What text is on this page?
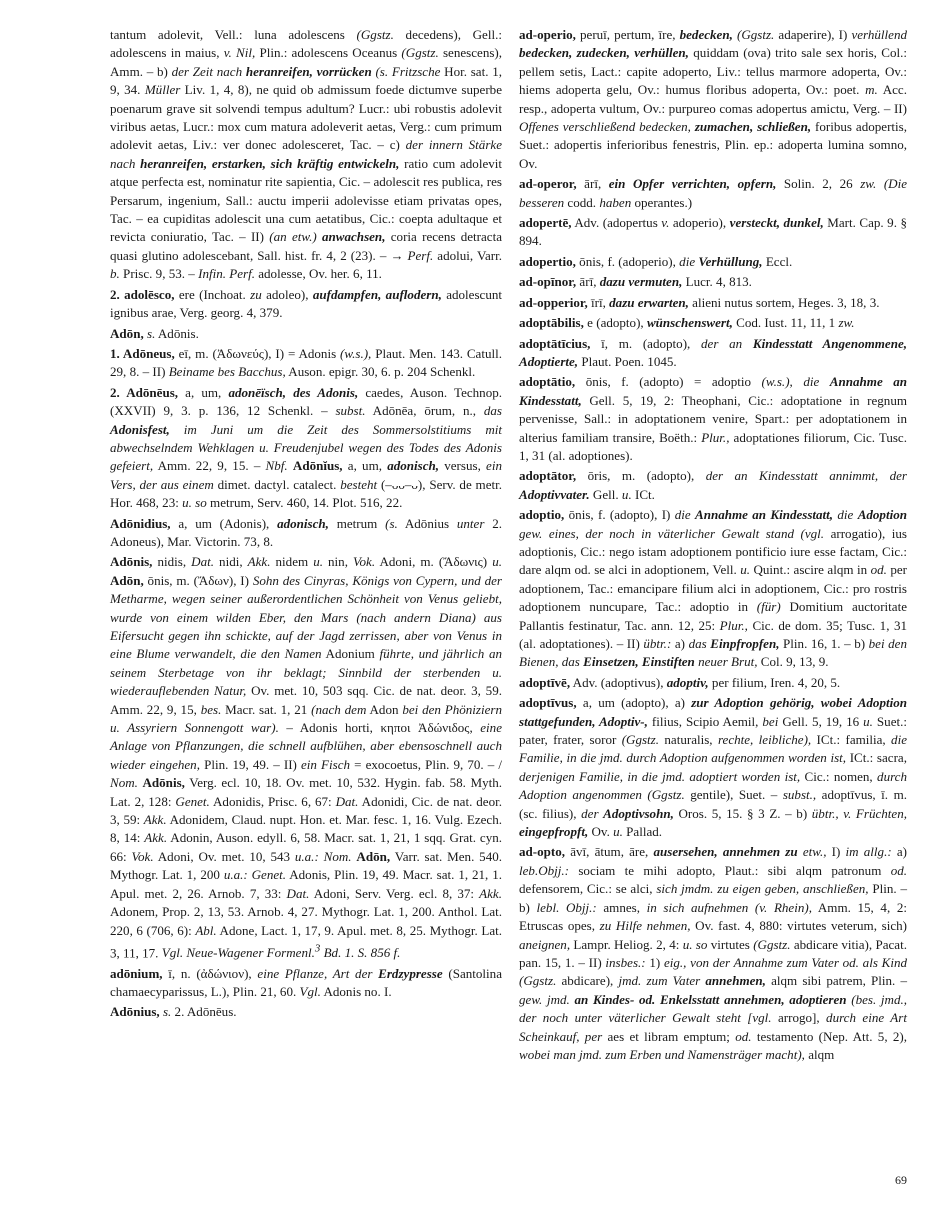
tantum adolevit, Vell.: luna adolescens (Ggstz. decedens), Gell.: adolescens in maius, v. Nil, Plin.: adolescens Oceanus (Ggstz. senescens), Amm. – b) der Zeit nach heranreifen, vorrücken (s. Fritzsche Hor. sat. 1, 9, 34. Müller Liv. 1, 4, 8), ne quid ob admissum foede dictumve superbe poenarum grave sit solvendi tempus adultum? Lucr.: ubi robustis adolevit viribus aetas, Lucr.: mox cum matura adoleverit aetas, Verg.: cum primum adolevit aetas, Liv.: ver donec adolesceret, Tac. – c) der innern Stärke nach heranreifen, erstarken, sich kräftig entwickeln, ratio cum adolevit atque perfecta est, nominatur rite sapientia, Cic. – adolescit res publica, res Persarum, ingenium, Sall.: auctu imperii adolevisse etiam privatas opes, Tac. – ea cupiditas adolescit una cum aetatibus, Cic.: coepta adultaque et revicta coniuratio, Tac. – II) (an etw.) anwachsen, coria recens detracta quasi glutino adolescebant, Sall. hist. fr. 4, 2 (23). – → Perf. adolui, Varr. b. Prisc. 9, 53. – Infin. Perf. adolesse, Ov. her. 6, 11.

2. adolēsco, ere (Inchoat. zu adoleo), aufdampfen, auflodern, adolescunt ignibus arae, Verg. georg. 4, 379.

Adōn, s. Adōnis.

1. Adōneus, eī, m. (Ἀδωνεύς), I) = Adonis (w.s.), Plaut. Men. 143. Catull. 29, 8. – II) Beiname bes Bacchus, Auson. epigr. 30, 6. p. 204 Schenkl.

2. Adōnēus, a, um, adonēïsch, des Adonis, caedes, Auson. Technop. (XXVII) 9, 3. p. 136, 12 Schenkl. – subst. Adōnēa, ōrum, n., das Adonisfest, im Juni um die Zeit des Sommersolstitiums mit abwechselndem Wehklagen u. Freudenjubel wegen des Todes des Adonis gefeiert, Amm. 22, 9, 15. – Nbf. Adōnĭus, a, um, adonisch, versus, ein Vers, der aus einem dimet. dactyl. catalect. besteht (–ᴗᴗ–ᴗ), Serv. de metr. Hor. 468, 23: u. so metrum, Serv. 460, 14. Plot. 516, 22.

Adōnidius, a, um (Adonis), adonisch, metrum (s. Adōnius unter 2. Adoneus), Mar. Victorin. 73, 8.

Adōnis, nidis, Dat. nidi, Akk. nidem u. nin, Vok. Adoni, m. (Ἄδωνις) u. Adōn, ōnis, m. (Ἄδων), I) Sohn des Cinyras, Königs von Cypern, und der Metharme, wegen seiner außerordentlichen Schönheit von Venus geliebt, wurde von einem wilden Eber, den Mars (nach andern Diana) aus Eifersucht gegen ihn schickte, auf der Jagd zerrissen, aber von Venus in eine Blume verwandelt, die den Namen Adonium führte, und jährlich an seinem Sterbetage von ihr beklagt; Sinnbild der sterbenden u. wiederauflebenden Natur, Ov. met. 10, 503 sqq. Cic. de nat. deor. 3, 59. Amm. 22, 9, 15, bes. Macr. sat. 1, 21 (nach dem Adon bei den Phöniziern u. Assyriern Sonnengott war). – Adonis horti, κηποι Ἀδώνιδος, eine Anlage von Pflanzungen, die schnell aufblühen, aber ebensoschnell auch wieder eingehen, Plin. 19, 49. – II) ein Fisch = exocoetus, Plin. 9, 70. – / Nom. Adōnis, Verg. ecl. 10, 18. Ov. met. 10, 532. Hygin. fab. 58. Myth. Lat. 2, 128: Genet. Adonidis, Prisc. 6, 67: Dat. Adonidi, Cic. de nat. deor. 3, 59: Akk. Adonidem, Claud. nupt. Hon. et. Mar. fesc. 1, 16. Vulg. Ezech. 8, 14: Akk. Adonin, Auson. edyll. 6, 58. Macr. sat. 1, 21, 1 sqq. Grat. cyn. 66: Vok. Adoni, Ov. met. 10, 543 u.a.: Nom. Adōn, Varr. sat. Men. 540. Mythogr. Lat. 1, 200 u.a.: Genet. Adonis, Plin. 19, 49. Macr. sat. 1, 21, 1. Apul. met. 2, 26. Arnob. 7, 33: Dat. Adoni, Serv. Verg. ecl. 8, 37: Akk. Adonem, Prop. 2, 13, 53. Arnob. 4, 27. Mythogr. Lat. 1, 200. Anthol. Lat. 220, 6 (706, 6): Abl. Adone, Lact. 1, 17, 9. Apul. met. 8, 25. Mythogr. Lat. 3, 11, 17. Vgl. Neue-Wagener Formenl.$^3$ Bd. 1. S. 856 f.

adōnium, ī, n. (ἀδώνιον), eine Pflanze, Art der Erdzypresse (Santolina chamaecyparissus, L.), Plin. 21, 60. Vgl. Adonis no. I.

Adōnius, s. 2. Adōnēus.

ad-operio, peruī, pertum, īre, bedecken, (Ggstz. adaperire), I) verhüllend bedecken, zudecken, verhüllen, quiddam (ova) trito sale sex horis, Col.: pellem setis, Lact.: capite adoperto, Liv.: tellus marmore adoperta, Ov.: hiems adoperta gelu, Ov.: humus floribus adoperta, Ov.: poet. m. Acc. resp., adoperta vultum, Ov.: purpureo comas adopertus amictu, Verg. – II) Offenes verschließend bedecken, zumachen, schließen, foribus adopertis, Suet.: adopertis inferioribus fenestris, Plin. ep.: adoperta lumina somno, Ov.

ad-operor, ārī, ein Opfer verrichten, opfern, Solin. 2, 26 zw. (Die besseren codd. haben operantes.)

adopertē, Adv. (adopertus v. adoperio), versteckt, dunkel, Mart. Cap. 9. § 894.

adopertio, ōnis, f. (adoperio), die Verhüllung, Eccl.

ad-opīnor, ārī, dazu vermuten, Lucr. 4, 813.

ad-opperior, īrī, dazu erwarten, alieni nutus sortem, Heges. 3, 18, 3.

adoptābilis, e (adopto), wünschenswert, Cod. Iust. 11, 11, 1 zw.

adoptātīcius, ī, m. (adopto), der an Kindesstatt Angenommene, Adoptierte, Plaut. Poen. 1045.

adoptātio, ōnis, f. (adopto) = adoptio (w.s.), die Annahme an Kindesstatt, Gell. 5, 19, 2: Theophani, Cic.: adoptatione in regnum pervenisse, Sall.: in adoptationem venire, Spart.: per adoptationem in alterius familiam transire, Boëth.: Plur., adoptationes filiorum, Cic. Tusc. 1, 31 (al. adoptiones).

adoptātor, ōris, m. (adopto), der an Kindesstatt annimmt, der Adoptivvater. Gell. u. ICt.

adoptio, ōnis, f. (adopto), I) die Annahme an Kindesstatt, die Adoption gew. eines, der noch in väterlicher Gewalt stand (vgl. arrogatio), ius adoptionis, Cic.: nego istam adoptionem pontificio iure esse factam, Cic.: dare alqm od. se alci in adoptionem, Vell. u. Quint.: ascire alqm in od. per adoptionem, Tac.: emancipare filium alci in adoptionem, Cic.: pro rostris adoptionem nuncupare, Tac.: adoptio in (für) Domitium auctoritate Pallantis festinatur, Tac. ann. 12, 25: Plur., Cic. de dom. 35; Tusc. 1, 31 (al. adoptationes). – II) übtr.: a) das Einpfropfen, Plin. 16, 1. – b) bei den Bienen, das Einsetzen, Einstiften neuer Brut, Col. 9, 13, 9.

adoptīvē, Adv. (adoptivus), adoptiv, per filium, Iren. 4, 20, 5.

adoptīvus, a, um (adopto), a) zur Adoption gehörig, wobei Adoption stattgefunden, Adoptiv-, filius, Scipio Aemil, bei Gell. 5, 19, 16 u. Suet.: pater, frater, soror (Ggstz. naturalis, rechte, leibliche), ICt.: familia, die Familie, in die jmd. durch Adoption aufgenommen worden ist, ICt.: sacra, derjenigen Familie, in die jmd. adoptiert worden ist, Cic.: nomen, durch Adoption angenommen (Ggstz. gentile), Suet. – subst., adoptīvus, ī. m. (sc. filius), der Adoptivsohn, Oros. 5, 15. § 3 Z. – b) übtr., v. Früchten, eingepfropft, Ov. u. Pallad.

ad-opto, āvī, ātum, āre, ausersehen, annehmen zu etw., I) im allg.: a) leb.Objj.: sociam te mihi adopto, Plaut.: sibi alqm patronum od. defensorem, Cic.: se alci, sich jmdm. zu eigen geben, anschließen, Plin. – b) lebl. Objj.: amnes, in sich aufnehmen (v. Rhein), Amm. 15, 4, 2: Etruscas opes, zu Hilfe nehmen, Ov. fast. 4, 880: virtutes veterum, sich) aneignen, Lampr. Heliog. 2, 4: u. so virtutes (Ggstz. abdicare vitia), Pacat. pan. 15, 1. – II) insbes.: 1) eig., von der Annahme zum Vater od. als Kind (Ggstz. abdicare), jmd. zum Vater annehmen, alqm sibi patrem, Plin. – gew. jmd. an Kindes- od. Enkelsstatt annehmen, adoptieren (bes. jmd., der noch unter väterlicher Gewalt steht [vgl. arrogo], durch eine Art Scheinkauf, per aes et libram emptum; od. testamento (Nep. Att. 5, 2), wobei man jmd. zum Erben und Namensträger macht), alqm

69
